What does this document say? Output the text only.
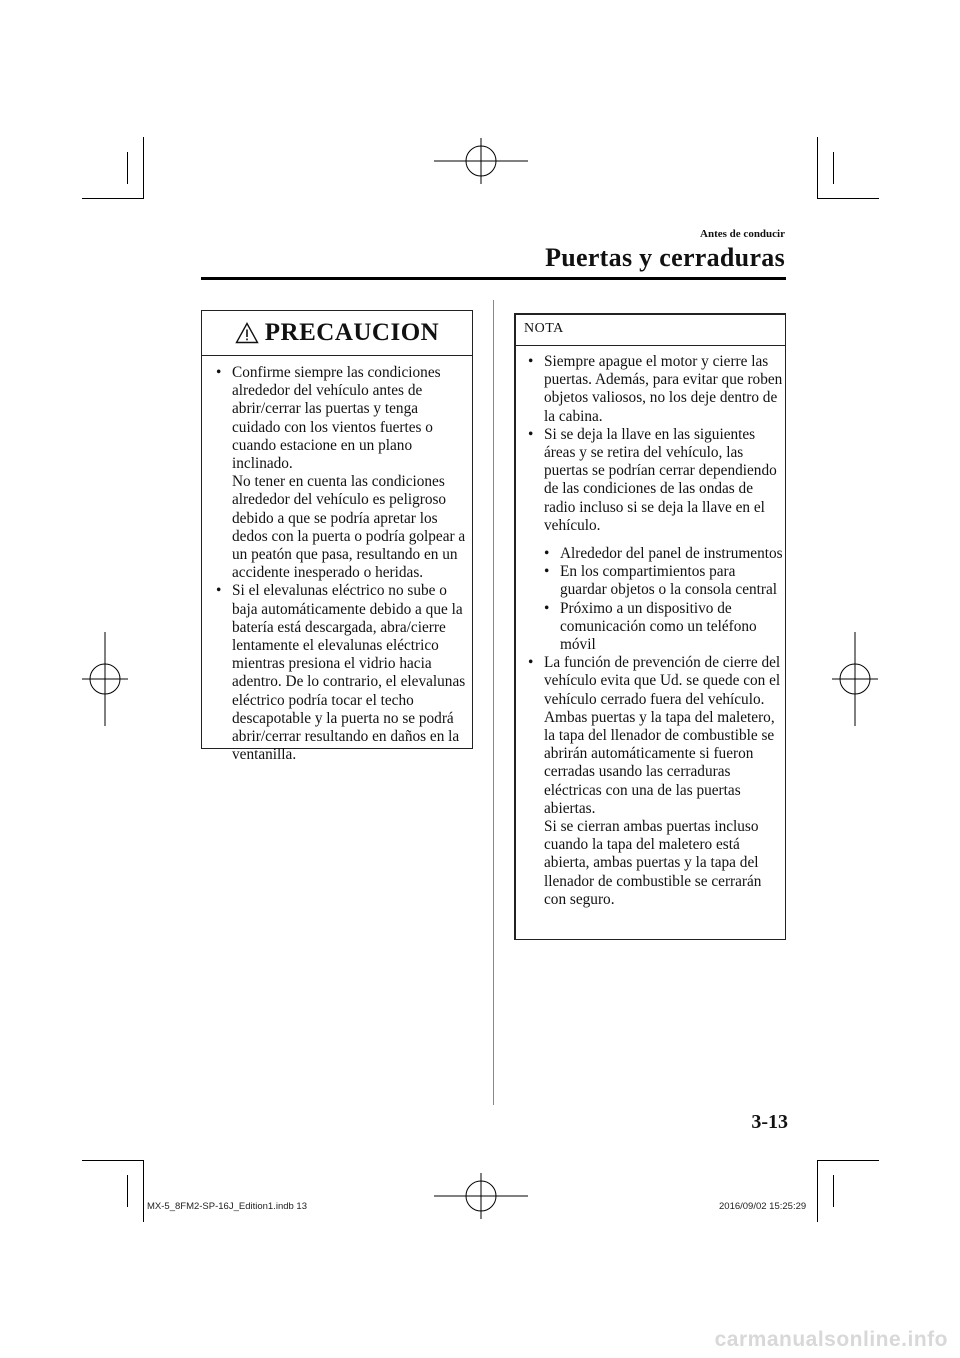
Antes de conducir
Puertas y cerraduras
PRECAUCION
• Confirme siempre las condiciones alrededor del vehículo antes de abrir/cerrar las puertas y tenga cuidado con los vientos fuertes o cuando estacione en un plano inclinado.
No tener en cuenta las condiciones alrededor del vehículo es peligroso debido a que se podría apretar los dedos con la puerta o podría golpear a un peatón que pasa, resultando en un accidente inesperado o heridas.
• Si el elevalunas eléctrico no sube o baja automáticamente debido a que la batería está descargada, abra/cierre lentamente el elevalunas eléctrico mientras presiona el vidrio hacia adentro. De lo contrario, el elevalunas eléctrico podría tocar el techo descapotable y la puerta no se podrá abrir/cerrar resultando en daños en la ventanilla.
NOTA
• Siempre apague el motor y cierre las puertas. Además, para evitar que roben objetos valiosos, no los deje dentro de la cabina.
• Si se deja la llave en las siguientes áreas y se retira del vehículo, las puertas se podrían cerrar dependiendo de las condiciones de las ondas de radio incluso si se deja la llave en el vehículo.
• Alrededor del panel de instrumentos
• En los compartimientos para guardar objetos o la consola central
• Próximo a un dispositivo de comunicación como un teléfono móvil
• La función de prevención de cierre del vehículo evita que Ud. se quede con el vehículo cerrado fuera del vehículo.
Ambas puertas y la tapa del maletero, la tapa del llenador de combustible se abrirán automáticamente si fueron cerradas usando las cerraduras eléctricas con una de las puertas abiertas.
Si se cierran ambas puertas incluso cuando la tapa del maletero está abierta, ambas puertas y la tapa del llenador de combustible se cerrarán con seguro.
3-13
MX-5_8FM2-SP-16J_Edition1.indb 13	2016/09/02 15:25:29
carmanualsonline.info
